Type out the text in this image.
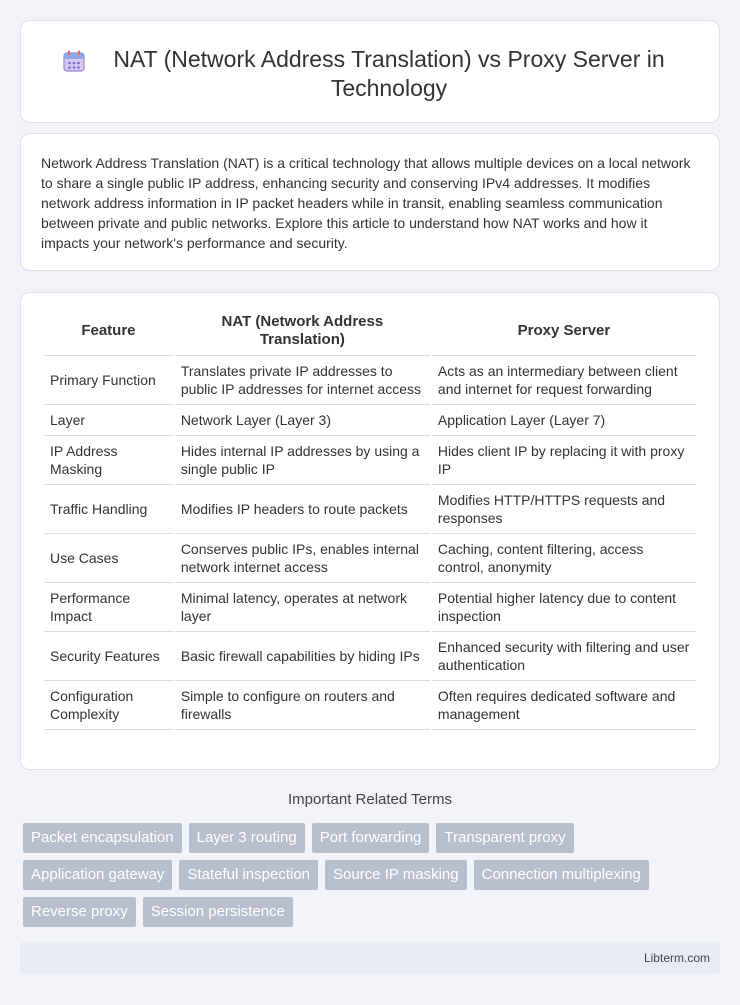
NAT (Network Address Translation) vs Proxy Server in Technology

Network Address Translation (NAT) is a critical technology that allows multiple devices on a local network to share a single public IP address, enhancing security and conserving IPv4 addresses. It modifies network address information in IP packet headers while in transit, enabling seamless communication between private and public networks. Explore this article to understand how NAT works and how it impacts your network's performance and security.

Feature	NAT (Network Address Translation)	Proxy Server
Primary Function	Translates private IP addresses to public IP addresses for internet access	Acts as an intermediary between client and internet for request forwarding
Layer	Network Layer (Layer 3)	Application Layer (Layer 7)
IP Address Masking	Hides internal IP addresses by using a single public IP	Hides client IP by replacing it with proxy IP
Traffic Handling	Modifies IP headers to route packets	Modifies HTTP/HTTPS requests and responses
Use Cases	Conserves public IPs, enables internal network internet access	Caching, content filtering, access control, anonymity
Performance Impact	Minimal latency, operates at network layer	Potential higher latency due to content inspection
Security Features	Basic firewall capabilities by hiding IPs	Enhanced security with filtering and user authentication
Configuration Complexity	Simple to configure on routers and firewalls	Often requires dedicated software and management
Important Related Terms
Packet encapsulation	Layer 3 routing	Port forwarding	Transparent proxy
Application gateway	Stateful inspection	Source IP masking	Connection multiplexing
Reverse proxy	Session persistence
Libterm.com
